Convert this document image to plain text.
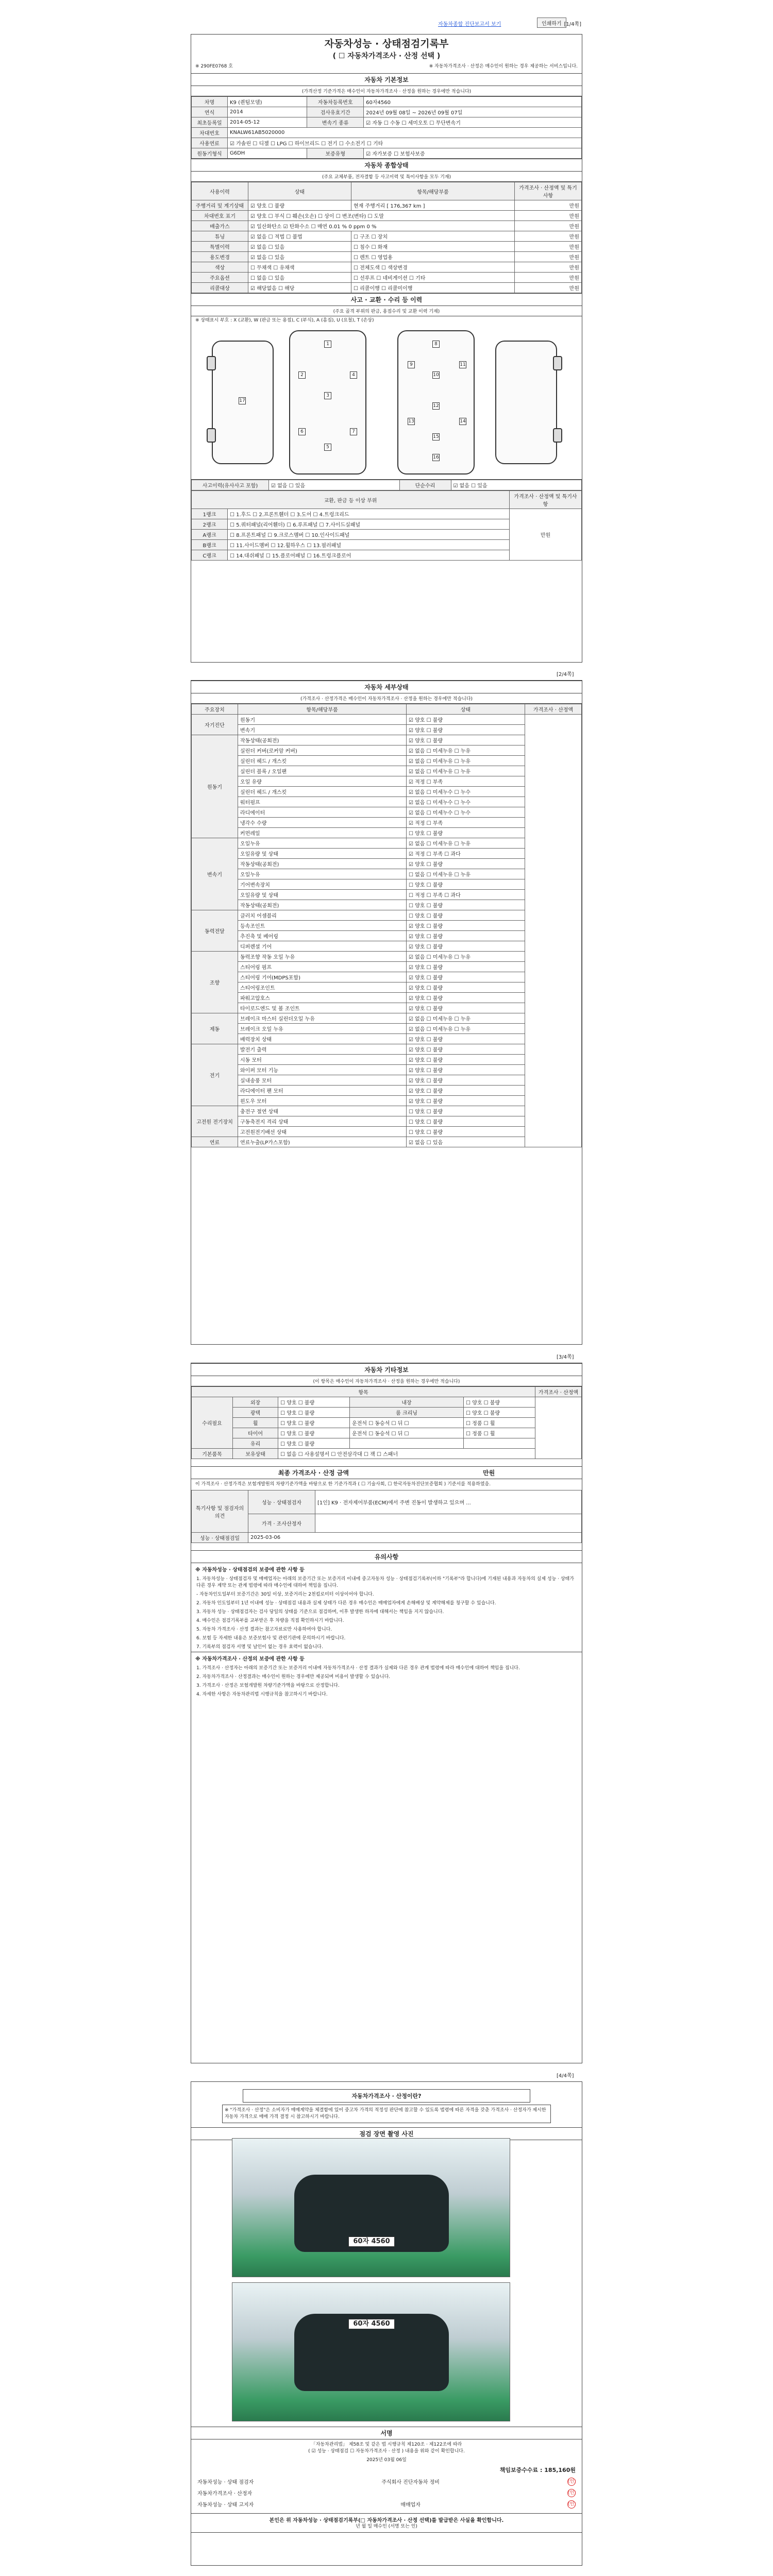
자동차종합 진단보고서 보기	인쇄하기 [1/4쪽]
자동차성능 · 상태점검기록부
( ☐ 자동차가격조사 · 산정 선택 )
※ 290FE0768 호	※ 자동차가격조사 · 산정은 매수인이 원하는 경우 제공하는 서비스입니다.
자동차 기본정보
(가격산정 기준가격은 매수인이 자동차가격조사 · 산정을 원하는 경우에만 적습니다)
차명	K9 (퀀텀모델)	자동차등록번호	60자4560
연식	2014	검사유효기간	2024년 09월 08일 ~ 2026년 09월 07일
최초등록일	2014-05-12	변속기 종류	☑ 자동 ☐ 수동 ☐ 세미오토 ☐ 무단변속기
차대번호	KNALW61AB5020000		
사용연료	☑ 가솔린 ☐ 디젤 ☐ LPG ☐ 하이브리드 ☐ 전기 ☐ 수소전기 ☐ 기타		
원동기형식	G6DH	보증유형	☑ 자가보증 ☐ 보험사보증
자동차 종합상태
(주요 교체부품, 전자결함 등 사고이력 및 특이사항을 모두 기재)
사용이력	상태	항목/해당부품	가격조사 · 산정액 및 특기사항
주행거리 및 계기상태	☑ 양호 ☐ 불량	현재 주행거리 [ 176,367 km ]	만원
차대번호 표기	☑ 양호 ☐ 부식 ☐ 훼손(오손) ☐ 상이 ☐ 변조(변타) ☐ 도말		만원
배출가스	☑ 일산화탄소 ☑ 탄화수소 ☐ 매연 0.01 % 0 ppm 0 %		만원
튜닝	☑ 없음 ☐ 적법 ☐ 불법	☐ 구조 ☐ 장치	만원
특별이력	☑ 없음 ☐ 있음	☐ 침수 ☐ 화재	만원
용도변경	☑ 없음 ☐ 있음	☐ 렌트 ☐ 영업용	만원
색상	☐ 무채색 ☐ 유채색	☐ 전체도색 ☐ 색상변경	만원
주요옵션	☐ 없음 ☐ 있음	☐ 선루프 ☐ 네비게이션 ☐ 기타	만원
리콜대상	☑ 해당없음 ☐ 해당	☐ 리콜이행 ☐ 리콜미이행	만원
사고 · 교환 · 수리 등 이력
(주요 골격 부위의 판금, 용접수리 및 교환 이력 기재)
※ 상태표시 부호 : X (교환), W (판금 또는 용접), C (부식), A (흠집), U (요철), T (손상)
1
2
3
4
5
6	7
8
9
10
11
12
13	14
15
16
17
사고이력(유사사고 포함)	☑ 없음 ☐ 있음	단순수리	☑ 없음 ☐ 있음
교환, 판금 등 이상 부위		가격조사 · 산정액 및 특기사항
1랭크	☐ 1.후드 ☐ 2.프론트휀더 ☐ 3.도어 ☐ 4.트렁크리드	만원
2랭크	☐ 5.쿼터패널(리어휀더) ☐ 6.루프패널 ☐ 7.사이드실패널	
A랭크	☐ 8.프론트패널 ☐ 9.크로스멤버 ☐ 10.인사이드패널	
B랭크	☐ 11.사이드멤버 ☐ 12.휠하우스 ☐ 13.필러패널	
C랭크	☐ 14.대쉬패널 ☐ 15.플로어패널 ☐ 16.트렁크플로어	
[2/4쪽]
자동차 세부상태
(가격조사 · 산정가격은 매수인이 자동차가격조사 · 산정을 원하는 경우에만 적습니다)
주요장치	항목/해당부품	상태	가격조사 · 산정액
자기진단	원동기	☑ 양호 ☐ 불량	
	변속기	☑ 양호 ☐ 불량	
원동기	작동상태(공회전)	☑ 양호 ☐ 불량	
	실린더 커버(로커암 커버)	☑ 없음 ☐ 미세누유 ☐ 누유	
	실린더 헤드 / 개스킷	☑ 없음 ☐ 미세누유 ☐ 누유	
	실린더 블록 / 오일팬	☑ 없음 ☐ 미세누유 ☐ 누유	
	오일 유량	☑ 적정 ☐ 부족	
	실린더 헤드 / 개스킷	☑ 없음 ☐ 미세누수 ☐ 누수	
	워터펌프	☑ 없음 ☐ 미세누수 ☐ 누수	
	라디에이터	☑ 없음 ☐ 미세누수 ☐ 누수	
	냉각수 수량	☑ 적정 ☐ 부족	
	커먼레일	☐ 양호 ☐ 불량	
변속기	오일누유	☑ 없음 ☐ 미세누유 ☐ 누유	
	오일유량 및 상태	☑ 적정 ☐ 부족 ☐ 과다	
	작동상태(공회전)	☑ 양호 ☐ 불량	
	오일누유	☐ 없음 ☐ 미세누유 ☐ 누유	
	기어변속장치	☐ 양호 ☐ 불량	
	오일유량 및 상태	☐ 적정 ☐ 부족 ☐ 과다	
	작동상태(공회전)	☐ 양호 ☐ 불량	
동력전달	클러치 어셈블리	☐ 양호 ☐ 불량	
	등속조인트	☑ 양호 ☐ 불량	
	추진축 및 베어링	☑ 양호 ☐ 불량	
	디퍼렌셜 기어	☑ 양호 ☐ 불량	
조향	동력조향 작동 오일 누유	☑ 없음 ☐ 미세누유 ☐ 누유	
	스티어링 펌프	☑ 양호 ☐ 불량	
	스티어링 기어(MDPS포함)	☑ 양호 ☐ 불량	
	스티어링조인트	☑ 양호 ☐ 불량	
	파워고압호스	☑ 양호 ☐ 불량	
	타이로드엔드 및 볼 조인트	☑ 양호 ☐ 불량	
제동	브레이크 마스터 실린더오일 누유	☑ 없음 ☐ 미세누유 ☐ 누유	
	브레이크 오일 누유	☑ 없음 ☐ 미세누유 ☐ 누유	
	배력장치 상태	☑ 양호 ☐ 불량	
전기	발전기 출력	☑ 양호 ☐ 불량	
	시동 모터	☑ 양호 ☐ 불량	
	와이퍼 모터 기능	☑ 양호 ☐ 불량	
	실내송풍 모터	☑ 양호 ☐ 불량	
	라디에이터 팬 모터	☑ 양호 ☐ 불량	
	윈도우 모터	☑ 양호 ☐ 불량	
고전원 전기장치	충전구 절연 상태	☐ 양호 ☐ 불량	
	구동축전지 격리 상태	☐ 양호 ☐ 불량	
	고전원전기배선 상태	☐ 양호 ☐ 불량	
연료	연료누출(LP가스포함)	☑ 없음 ☐ 있음	
[3/4쪽]
자동차 기타정보
(이 항목은 매수인이 자동차가격조사 · 산정을 원하는 경우에만 적습니다)
항목					가격조사 · 산정액
수리필요	외장	☐ 양호 ☐ 불량	내장	☐ 양호 ☐ 불량	
	광택	☐ 양호 ☐ 불량	룸 크리닝	☐ 양호 ☐ 불량	
	휠	☐ 양호 ☐ 불량	운전석 ☐ 동승석 ☐ 뒤 ☐	☐ 정품 ☐ 휠	
	타이어	☐ 양호 ☐ 불량	운전석 ☐ 동승석 ☐ 뒤 ☐	☐ 정품 ☐ 휠	
	유리	☐ 양호 ☐ 불량			
기본품목	보유상태	☐ 없음 ☐ 사용설명서 ☐ 안전삼각대 ☐ 잭 ☐ 스패너			
최종 가격조사 · 산정 금액	만원
이 가격조사 · 산정가격은 보험개발원의 차량기준가액을 바탕으로 한 기준가격과 ( ☐ 기술사회, ☐ 한국자동차진단보증협회 ) 기준서를 적용하였음.
특기사항 및 점검자의 의견	성능 · 상태점검자	[1인] K9 · 전자제어부품(ECM)에서 주변 진동이 발생하고 있으며 ...
	가격 · 조사산정자	
성능 · 상태점검일	2025-03-06	
유의사항
※ 자동차성능 · 상태점검의 보증에 관한 사항 등
1. 자동차성능 · 상태점검자 및 매매업자는 아래의 보증기간 또는 보증거리 이내에 중고자동차 성능 · 상태점검기록부(이하 "기록부"라 합니다)에 기재된 내용과 자동차의 실제 성능 · 상태가 다른 경우 계약 또는 관계 법령에 따라 매수인에 대하여 책임을 집니다.
- 자동차인도일부터 보증기간은 30일 이상, 보증거리는 2천킬로미터 이상이어야 합니다.
2. 자동차 인도일부터 1년 이내에 성능 · 상태점검 내용과 실제 상태가 다른 경우 매수인은 매매업자에게 손해배상 및 계약해제를 청구할 수 있습니다.
3. 자동차 성능 · 상태점검자는 검사 당일의 상태를 기준으로 점검하며, 이후 발생한 하자에 대해서는 책임을 지지 않습니다.
4. 매수인은 점검기록부를 교부받은 후 차량을 직접 확인하시기 바랍니다.
5. 자동차 가격조사 · 산정 결과는 참고자료로만 사용하여야 합니다.
6. 보험 등 자세한 내용은 보증보험사 및 관련기관에 문의하시기 바랍니다.
7. 기록부의 점검자 서명 및 날인이 없는 경우 효력이 없습니다.
※ 자동차가격조사 · 산정의 보증에 관한 사항 등
1. 가격조사 · 산정자는 아래의 보증기간 또는 보증거리 이내에 자동차가격조사 · 산정 결과가 실제와 다른 경우 관계 법령에 따라 매수인에 대하여 책임을 집니다.
2. 자동차가격조사 · 산정결과는 매수인이 원하는 경우에만 제공되며 비용이 발생할 수 있습니다.
3. 가격조사 · 산정은 보험개발원 차량기준가액을 바탕으로 산정합니다.
4. 자세한 사항은 자동차관리법 시행규칙을 참고하시기 바랍니다.
[4/4쪽]
자동차가격조사 · 산정이란?
※ "가격조사 · 산정"은 소비자가 매매계약을 체결함에 있어 중고차 가격의 적정성 판단에 참고할 수 있도록 법령에 따른 자격을 갖춘 가격조사 · 산정자가 제시한 자동차 가격으로 매매 가격 결정 시 참고하시기 바랍니다.
점검 장면 촬영 사진
60자 4560
60자 4560
서명
「자동차관리법」 제58조 및 같은 법 시행규칙 제120조 · 제122조에 따라
( ☑ 성능 · 상태점검 ☐ 자동차가격조사 · 산정 ) 내용을 위와 같이 확인합니다.
2025년 03월 06일
책임보증수수료 : 185,160원
자동차성능 · 상태 점검자	주식회사 진단자동차 정비	(인)
자동차가격조사 · 산정자	(인)
자동차성능 · 상태 고지자	매매업자	(인)
본인은 위 자동차성능 · 상태점검기록부(□ 자동차가격조사 · 산정 선택)를 발급받은 사실을 확인합니다.
년 월 일 매수인 (서명 또는 인)
